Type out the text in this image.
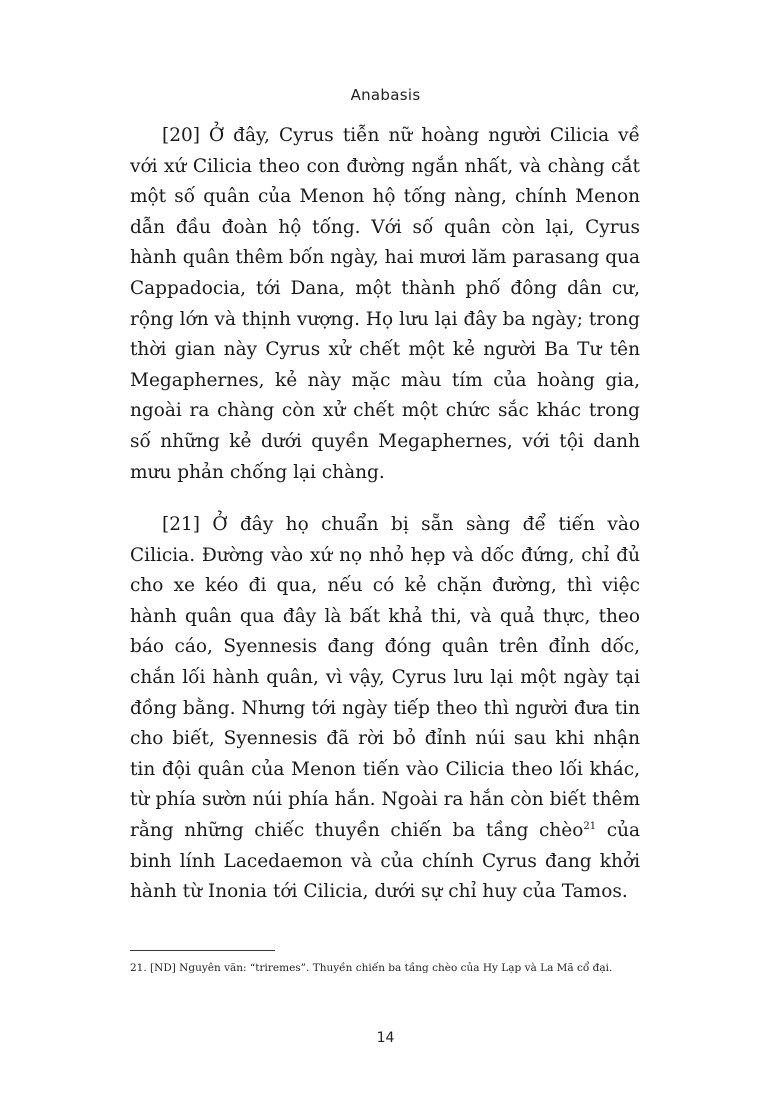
Anabasis

[20] Ở đây, Cyrus tiễn nữ hoàng người Cilicia về với xứ Cilicia theo con đường ngắn nhất, và chàng cắt một số quân của Menon hộ tống nàng, chính Menon dẫn đầu đoàn hộ tống. Với số quân còn lại, Cyrus hành quân thêm bốn ngày, hai mươi lăm parasang qua Cappadocia, tới Dana, một thành phố đông dân cư, rộng lớn và thịnh vượng. Họ lưu lại đây ba ngày; trong thời gian này Cyrus xử chết một kẻ người Ba Tư tên Megaphernes, kẻ này mặc màu tím của hoàng gia, ngoài ra chàng còn xử chết một chức sắc khác trong số những kẻ dưới quyền Megaphernes, với tội danh mưu phản chống lại chàng.

[21] Ở đây họ chuẩn bị sẵn sàng để tiến vào Cilicia. Đường vào xứ nọ nhỏ hẹp và dốc đứng, chỉ đủ cho xe kéo đi qua, nếu có kẻ chặn đường, thì việc hành quân qua đây là bất khả thi, và quả thực, theo báo cáo, Syennesis đang đóng quân trên đỉnh dốc, chắn lối hành quân, vì vậy, Cyrus lưu lại một ngày tại đồng bằng. Nhưng tới ngày tiếp theo thì người đưa tin cho biết, Syennesis đã rời bỏ đỉnh núi sau khi nhận tin đội quân của Menon tiến vào Cilicia theo lối khác, từ phía sườn núi phía hắn. Ngoài ra hắn còn biết thêm rằng những chiếc thuyền chiến ba tầng chèo$^{21}$ của binh lính Lacedaemon và của chính Cyrus đang khởi hành từ Inonia tới Cilicia, dưới sự chỉ huy của Tamos.

21. [ND] Nguyên văn: “triremes”. Thuyền chiến ba tầng chèo của Hy Lạp và La Mã cổ đại.

14
